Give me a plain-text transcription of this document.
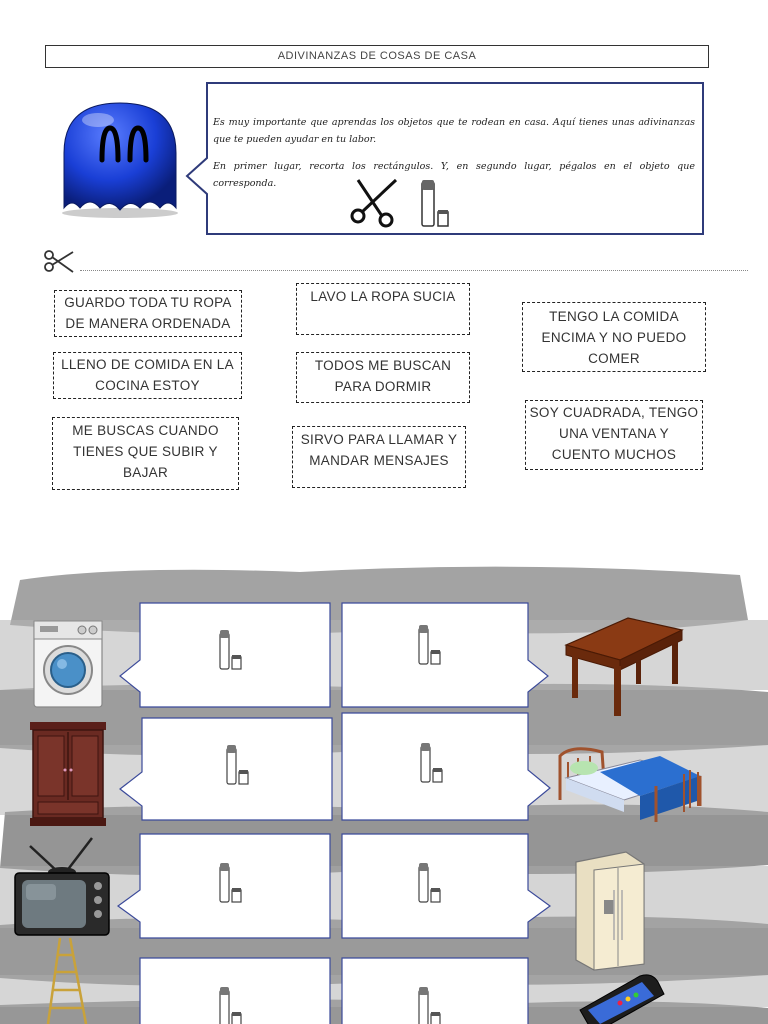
ADIVINANZAS DE COSAS DE CASA
Es muy importante que aprendas los objetos que te rodean en casa. Aquí tienes unas adivinanzas que te pueden ayudar en tu labor.
En primer lugar, recorta los rectángulos. Y, en segundo lugar, pégalos en el objeto que corresponda.
GUARDO TODA TU ROPA DE MANERA ORDENADA
LAVO LA ROPA SUCIA
TENGO LA COMIDA ENCIMA Y NO PUEDO COMER
LLENO DE COMIDA EN LA COCINA ESTOY
TODOS ME BUSCAN PARA DORMIR
SOY CUADRADA, TENGO UNA VENTANA Y CUENTO MUCHOS
ME BUSCAS CUANDO TIENES QUE SUBIR Y BAJAR
SIRVO PARA LLAMAR Y MANDAR MENSAJES
